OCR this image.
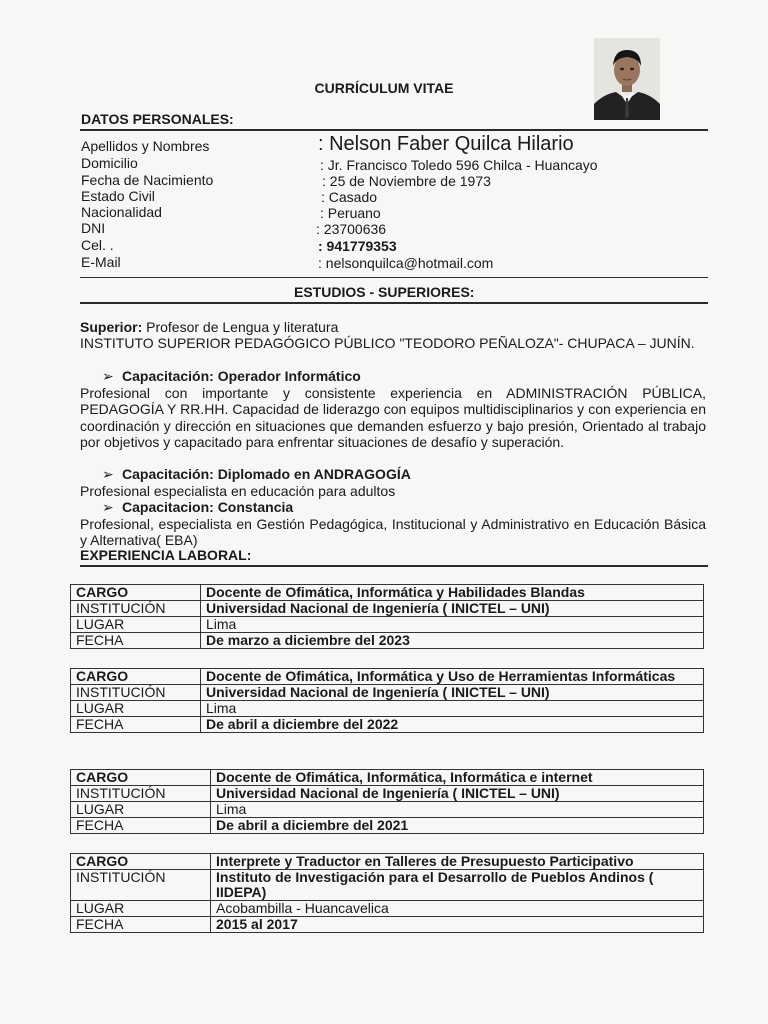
CURRÍCULUM VITAE
DATOS PERSONALES:
Apellidos y Nombres	: Nelson Faber Quilca Hilario
Domicilio	: Jr. Francisco Toledo 596 Chilca - Huancayo
Fecha de Nacimiento	: 25 de Noviembre de 1973
Estado Civil	: Casado
Nacionalidad	: Peruano
DNI	: 23700636
Cel. .	: 941779353
E-Mail	: nelsonquilca@hotmail.com
ESTUDIOS - SUPERIORES:
Superior: Profesor de Lengua y literatura
INSTITUTO SUPERIOR PEDAGÓGICO PÚBLICO "TEODORO PEÑALOZA"- CHUPACA – JUNÍN.
➢ Capacitación: Operador Informático
Profesional con importante y consistente experiencia en ADMINISTRACIÓN PÚBLICA, PEDAGOGÍA Y RR.HH. Capacidad de liderazgo con equipos multidisciplinarios y con experiencia en coordinación y dirección en situaciones que demanden esfuerzo y bajo presión, Orientado al trabajo por objetivos y capacitado para enfrentar situaciones de desafío y superación.
➢ Capacitación: Diplomado en ANDRAGOGÍA
Profesional especialista en educación para adultos
➢ Capacitacion: Constancia
Profesional, especialista en Gestión Pedagógica, Institucional y Administrativo en Educación Básica y Alternativa( EBA)
EXPERIENCIA LABORAL:
CARGO	Docente de Ofimática, Informática y Habilidades Blandas
INSTITUCIÓN	Universidad Nacional de Ingeniería ( INICTEL – UNI)
LUGAR	Lima
FECHA	De marzo a diciembre del 2023
CARGO	Docente de Ofimática, Informática y Uso de Herramientas Informáticas
INSTITUCIÓN	Universidad Nacional de Ingeniería ( INICTEL – UNI)
LUGAR	Lima
FECHA	De abril a diciembre del 2022
CARGO	Docente de Ofimática, Informática, Informática e internet
INSTITUCIÓN	Universidad Nacional de Ingeniería ( INICTEL – UNI)
LUGAR	Lima
FECHA	De abril a diciembre del 2021
CARGO	Interprete y Traductor en Talleres de Presupuesto Participativo
INSTITUCIÓN	Instituto de Investigación para el Desarrollo de Pueblos Andinos ( IIDEPA)
LUGAR	Acobambilla - Huancavelica
FECHA	2015 al 2017
